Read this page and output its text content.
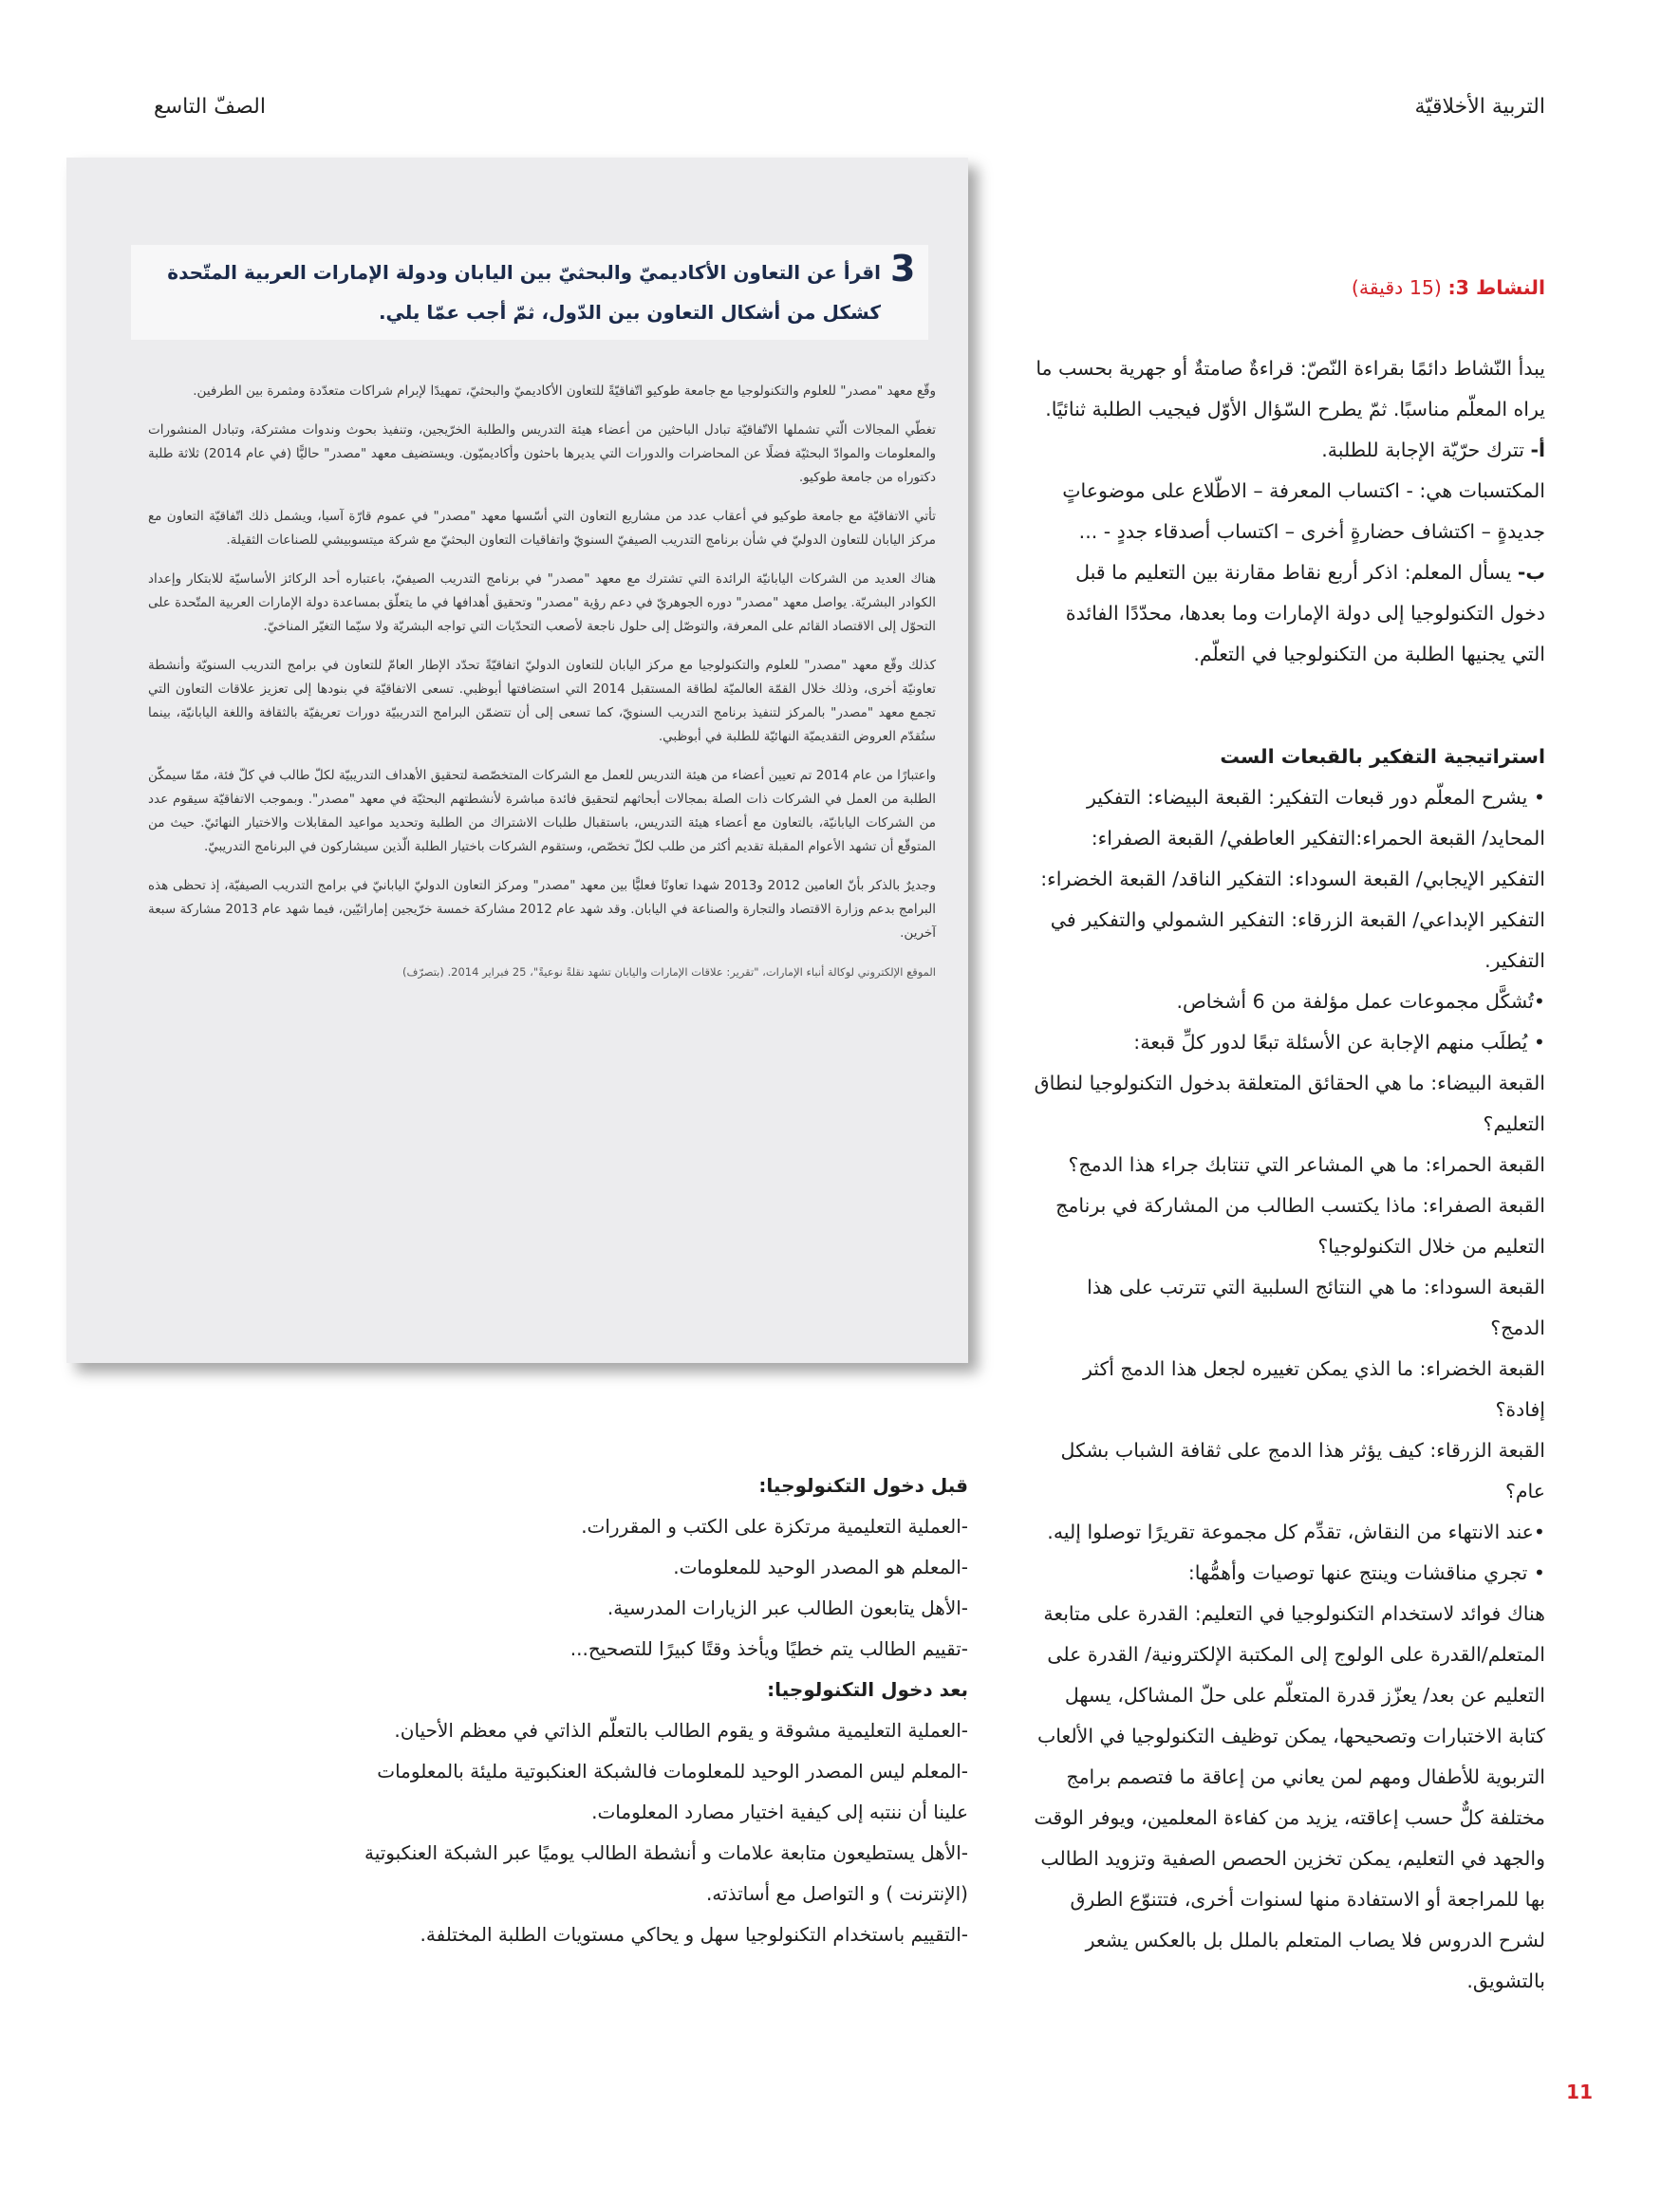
التربية الأخلاقيّة
الصفّ التاسع
3
اقرأ عن التعاون الأكاديميّ والبحثيّ بين اليابان ودولة الإمارات العربية المتّحدة كشكل من أشكال التعاون بين الدّول، ثمّ أجب عمّا يلي.

وقّع معهد "مصدر" للعلوم والتكنولوجيا مع جامعة طوكيو اتّفاقيّةً للتعاون الأكاديميّ والبحثيّ، تمهيدًا لإبرام شراكات متعدّدة ومثمرة بين الطرفين.

تغطّي المجالات الّتي تشملها الاتّفاقيّة تبادل الباحثين من أعضاء هيئة التدريس والطلبة الخرّيجين، وتنفيذ بحوث وندوات مشتركة، وتبادل المنشورات والمعلومات والموادّ البحثيّة فضلًا عن المحاضرات والدورات التي يديرها باحثون وأكاديميّون. ويستضيف معهد "مصدر" حاليًّا (في عام 2014) ثلاثة طلبة دكتوراه من جامعة طوكيو.

تأتي الاتفاقيّة مع جامعة طوكيو في أعقاب عدد من مشاريع التعاون التي أسّسها معهد "مصدر" في عموم قارّة آسيا، ويشمل ذلك اتّفاقيّة التعاون مع مركز اليابان للتعاون الدوليّ في شأن برنامج التدريب الصيفيّ السنويّ واتفاقيات التعاون البحثيّ مع شركة ميتسوبيشي للصناعات الثقيلة.

هناك العديد من الشركات اليابانيّة الرائدة التي تشترك مع معهد "مصدر" في برنامج التدريب الصيفيّ، باعتباره أحد الركائز الأساسيّة للابتكار وإعداد الكوادر البشريّة. يواصل معهد "مصدر" دوره الجوهريّ في دعم رؤية "مصدر" وتحقيق أهدافها في ما يتعلّق بمساعدة دولة الإمارات العربية المتّحدة على التحوّل إلى الاقتصاد القائم على المعرفة، والتوصّل إلى حلول ناجعة لأصعب التحدّيات التي تواجه البشريّة ولا سيّما التغيّر المناخيّ.

كذلك وقّع معهد "مصدر" للعلوم والتكنولوجيا مع مركز اليابان للتعاون الدوليّ اتفاقيّةً تحدّد الإطار العامّ للتعاون في برامج التدريب السنويّة وأنشطة تعاونيّة أخرى، وذلك خلال القمّة العالميّة لطاقة المستقبل 2014 التي استضافتها أبوظبي. تسعى الاتفاقيّة في بنودها إلى تعزيز علاقات التعاون التي تجمع معهد "مصدر" بالمركز لتنفيذ برنامج التدريب السنويّ، كما تسعى إلى أن تتضمّن البرامج التدريبيّة دورات تعريفيّة بالثقافة واللغة اليابانيّة، بينما ستُقدّم العروض التقديميّة النهائيّة للطلبة في أبوظبي.

واعتبارًا من عام 2014 تم تعيين أعضاء من هيئة التدريس للعمل مع الشركات المتخصّصة لتحقيق الأهداف التدريبيّة لكلّ طالب في كلّ فئة، ممّا سيمكّن الطلبة من العمل في الشركات ذات الصلة بمجالات أبحاثهم لتحقيق فائدة مباشرة لأنشطتهم البحثيّة في معهد "مصدر". وبموجب الاتفاقيّة سيقوم عدد من الشركات اليابانيّة، بالتعاون مع أعضاء هيئة التدريس، باستقبال طلبات الاشتراك من الطلبة وتحديد مواعيد المقابلات والاختيار النهائيّ. حيث من المتوقّع أن تشهد الأعوام المقبلة تقديم أكثر من طلب لكلّ تخصّص، وستقوم الشركات باختيار الطلبة الّذين سيشاركون في البرنامج التدريبيّ.

وجديرٌ بالذكر بأنّ العامين 2012 و2013 شهدا تعاونًا فعليًّا بين معهد "مصدر" ومركز التعاون الدوليّ اليابانيّ في برامج التدريب الصيفيّة، إذ تحظى هذه البرامج بدعم وزارة الاقتصاد والتجارة والصناعة في اليابان. وقد شهد عام 2012 مشاركة خمسة خرّيجين إماراتيّين، فيما شهد عام 2013 مشاركة سبعة آخرين.

الموقع الإلكتروني لوكالة أنباء الإمارات، "تقرير: علاقات الإمارات واليابان تشهد نقلةً نوعيةً"، 25 فبراير 2014. (بتصرّف)

النشاط 3: (15 دقيقة)

يبدأ النّشاط دائمًا بقراءة النّصّ: قراءةٌ صامتةٌ أو جهرية بحسب ما يراه المعلّم مناسبًا. ثمّ يطرح السّؤال الأوّل فيجيب الطلبة ثنائيًا.

أ- تترك حرّيّة الإجابة للطلبة.

المكتسبات هي: - اكتساب المعرفة – الاطّلاع على موضوعاتٍ جديدةٍ – اكتشاف حضارةٍ أخرى – اكتساب أصدقاء جددٍ - ...

ب- يسأل المعلم: اذكر أربع نقاط مقارنة بين التعليم ما قبل دخول التكنولوجيا إلى دولة الإمارات وما بعدها، محدّدًا الفائدة التي يجنيها الطلبة من التكنولوجيا في التعلّم.

استراتيجية التفكير بالقبعات الست

• يشرح المعلّم دور قبعات التفكير: القبعة البيضاء: التفكير المحايد/ القبعة الحمراء:التفكير العاطفي/ القبعة الصفراء: التفكير الإيجابي/ القبعة السوداء: التفكير الناقد/ القبعة الخضراء: التفكير الإبداعي/ القبعة الزرقاء: التفكير الشمولي والتفكير في التفكير.

•تُشكَّل مجموعات عمل مؤلفة من 6 أشخاص.

• يُطلَب منهم الإجابة عن الأسئلة تبعًا لدور كلِّ قبعة:

القبعة البيضاء: ما هي الحقائق المتعلقة بدخول التكنولوجيا لنطاق التعليم؟

القبعة الحمراء: ما هي المشاعر التي تنتابك جراء هذا الدمج؟

القبعة الصفراء: ماذا يكتسب الطالب من المشاركة في برنامج التعليم من خلال التكنولوجيا؟

القبعة السوداء: ما هي النتائج السلبية التي تترتب على هذا الدمج؟

القبعة الخضراء: ما الذي يمكن تغييره لجعل هذا الدمج أكثر إفادة؟

القبعة الزرقاء: كيف يؤثر هذا الدمج على ثقافة الشباب بشكل عام؟

•عند الانتهاء من النقاش، تقدِّم كل مجموعة تقريرًا توصلوا إليه.

• تجري مناقشات وينتج عنها توصيات وأهمُّها:

هناك فوائد لاستخدام التكنولوجيا في التعليم: القدرة على متابعة المتعلم/القدرة على الولوج إلى المكتبة الإلكترونية/ القدرة على التعليم عن بعد/ يعزّز قدرة المتعلّم على حلّ المشاكل، يسهل كتابة الاختبارات وتصحيحها، يمكن توظيف التكنولوجيا في الألعاب التربوية للأطفال ومهم لمن يعاني من إعاقة ما فتصمم برامج مختلفة كلٌّ حسب إعاقته، يزيد من كفاءة المعلمين، ويوفر الوقت والجهد في التعليم، يمكن تخزين الحصص الصفية وتزويد الطالب بها للمراجعة أو الاستفادة منها لسنوات أخرى، فتتنوّع الطرق لشرح الدروس فلا يصاب المتعلم بالملل بل بالعكس يشعر بالتشويق.

قبل دخول التكنولوجيا:

-العملية التعليمية مرتكزة على الكتب و المقررات.

-المعلم هو المصدر الوحيد للمعلومات.

-الأهل يتابعون الطالب عبر الزيارات المدرسية.

-تقييم الطالب يتم خطيًا ويأخذ وقتًا كبيرًا للتصحيح...

بعد دخول التكنولوجيا:

-العملية التعليمية مشوقة و يقوم الطالب بالتعلّم الذاتي في معظم الأحيان.

-المعلم ليس المصدر الوحيد للمعلومات فالشبكة العنكبوتية مليئة بالمعلومات علينا أن ننتبه إلى كيفية اختيار مصارد المعلومات.

-الأهل يستطيعون متابعة علامات و أنشطة الطالب يوميًا عبر الشبكة العنكبوتية (الإنترنت ) و التواصل مع أساتذته.

-التقييم باستخدام التكنولوجيا سهل و يحاكي مستويات الطلبة المختلفة.

11
